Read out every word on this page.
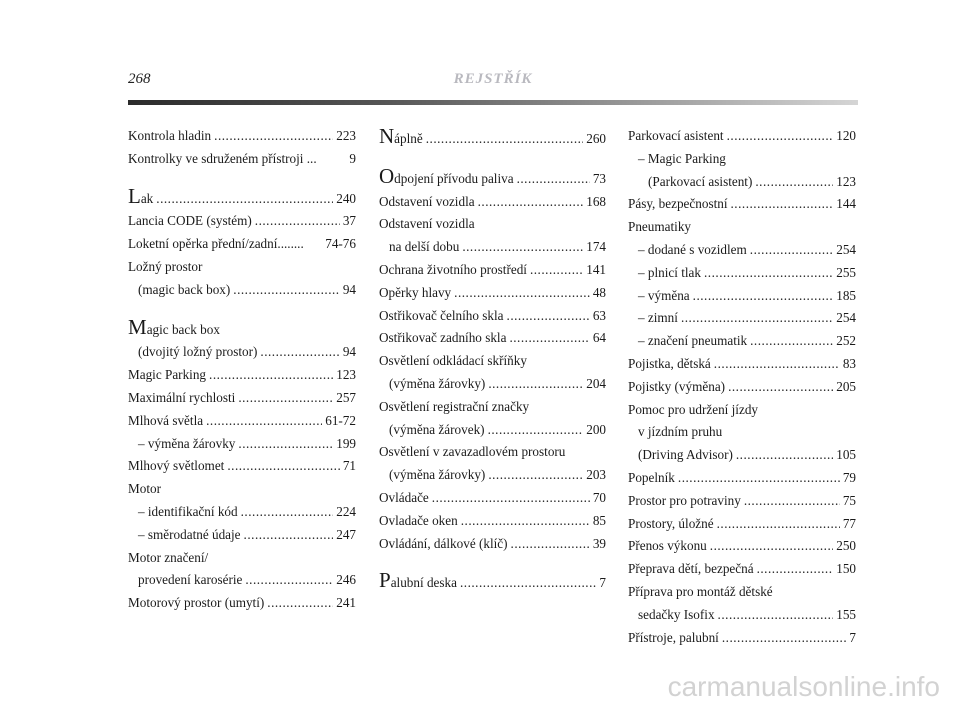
268	REJSTŘÍK
Kontrola hladin .....	223
Kontrolky ve sdruženém přístroji ... 9
Lak .....	240
Lancia CODE (systém) .....	37
Loketní opěrka přední/zadní........ 74-76
Ložný prostor
(magic back box) .....	94
Magic back box
(dvojitý ložný prostor) .....	94
Magic Parking .....	123
Maximální rychlosti .....	257
Mlhová světla .....	61-72
– výměna žárovky .....	199
Mlhový světlomet .....	71
Motor
– identifikační kód .....	224
– směrodatné údaje .....	247
Motor značení/
provedení karosérie .....	246
Motorový prostor (umytí) .....	241
Náplně .....	260
Odpojení přívodu paliva .....	73
Odstavení vozidla .....	168
Odstavení vozidla
na delší dobu .....	174
Ochrana životního prostředí .....	141
Opěrky hlavy .....	48
Ostřikovač čelního skla .....	63
Ostřikovač zadního skla .....	64
Osvětlení odkládací skříňky
(výměna žárovky) .....	204
Osvětlení registrační značky
(výměna žárovek) .....	200
Osvětlení v zavazadlovém prostoru
(výměna žárovky) .....	203
Ovládače .....	70
Ovladače oken .....	85
Ovládání, dálkové (klíč) .....	39
Palubní deska .....	7
Parkovací asistent .....	120
– Magic Parking
(Parkovací asistent) .....	123
Pásy, bezpečnostní .....	144
Pneumatiky
– dodané s vozidlem .....	254
– plnicí tlak .....	255
– výměna .....	185
– zimní .....	254
– značení pneumatik .....	252
Pojistka, dětská .....	83
Pojistky (výměna) .....	205
Pomoc pro udržení jízdy
v jízdním pruhu
(Driving Advisor) .....	105
Popelník .....	79
Prostor pro potraviny .....	75
Prostory, úložné .....	77
Přenos výkonu .....	250
Přeprava dětí, bezpečná .....	150
Příprava pro montáž dětské
sedačky Isofix .....	155
Přístroje, palubní .....	7
carmanualsonline.info
